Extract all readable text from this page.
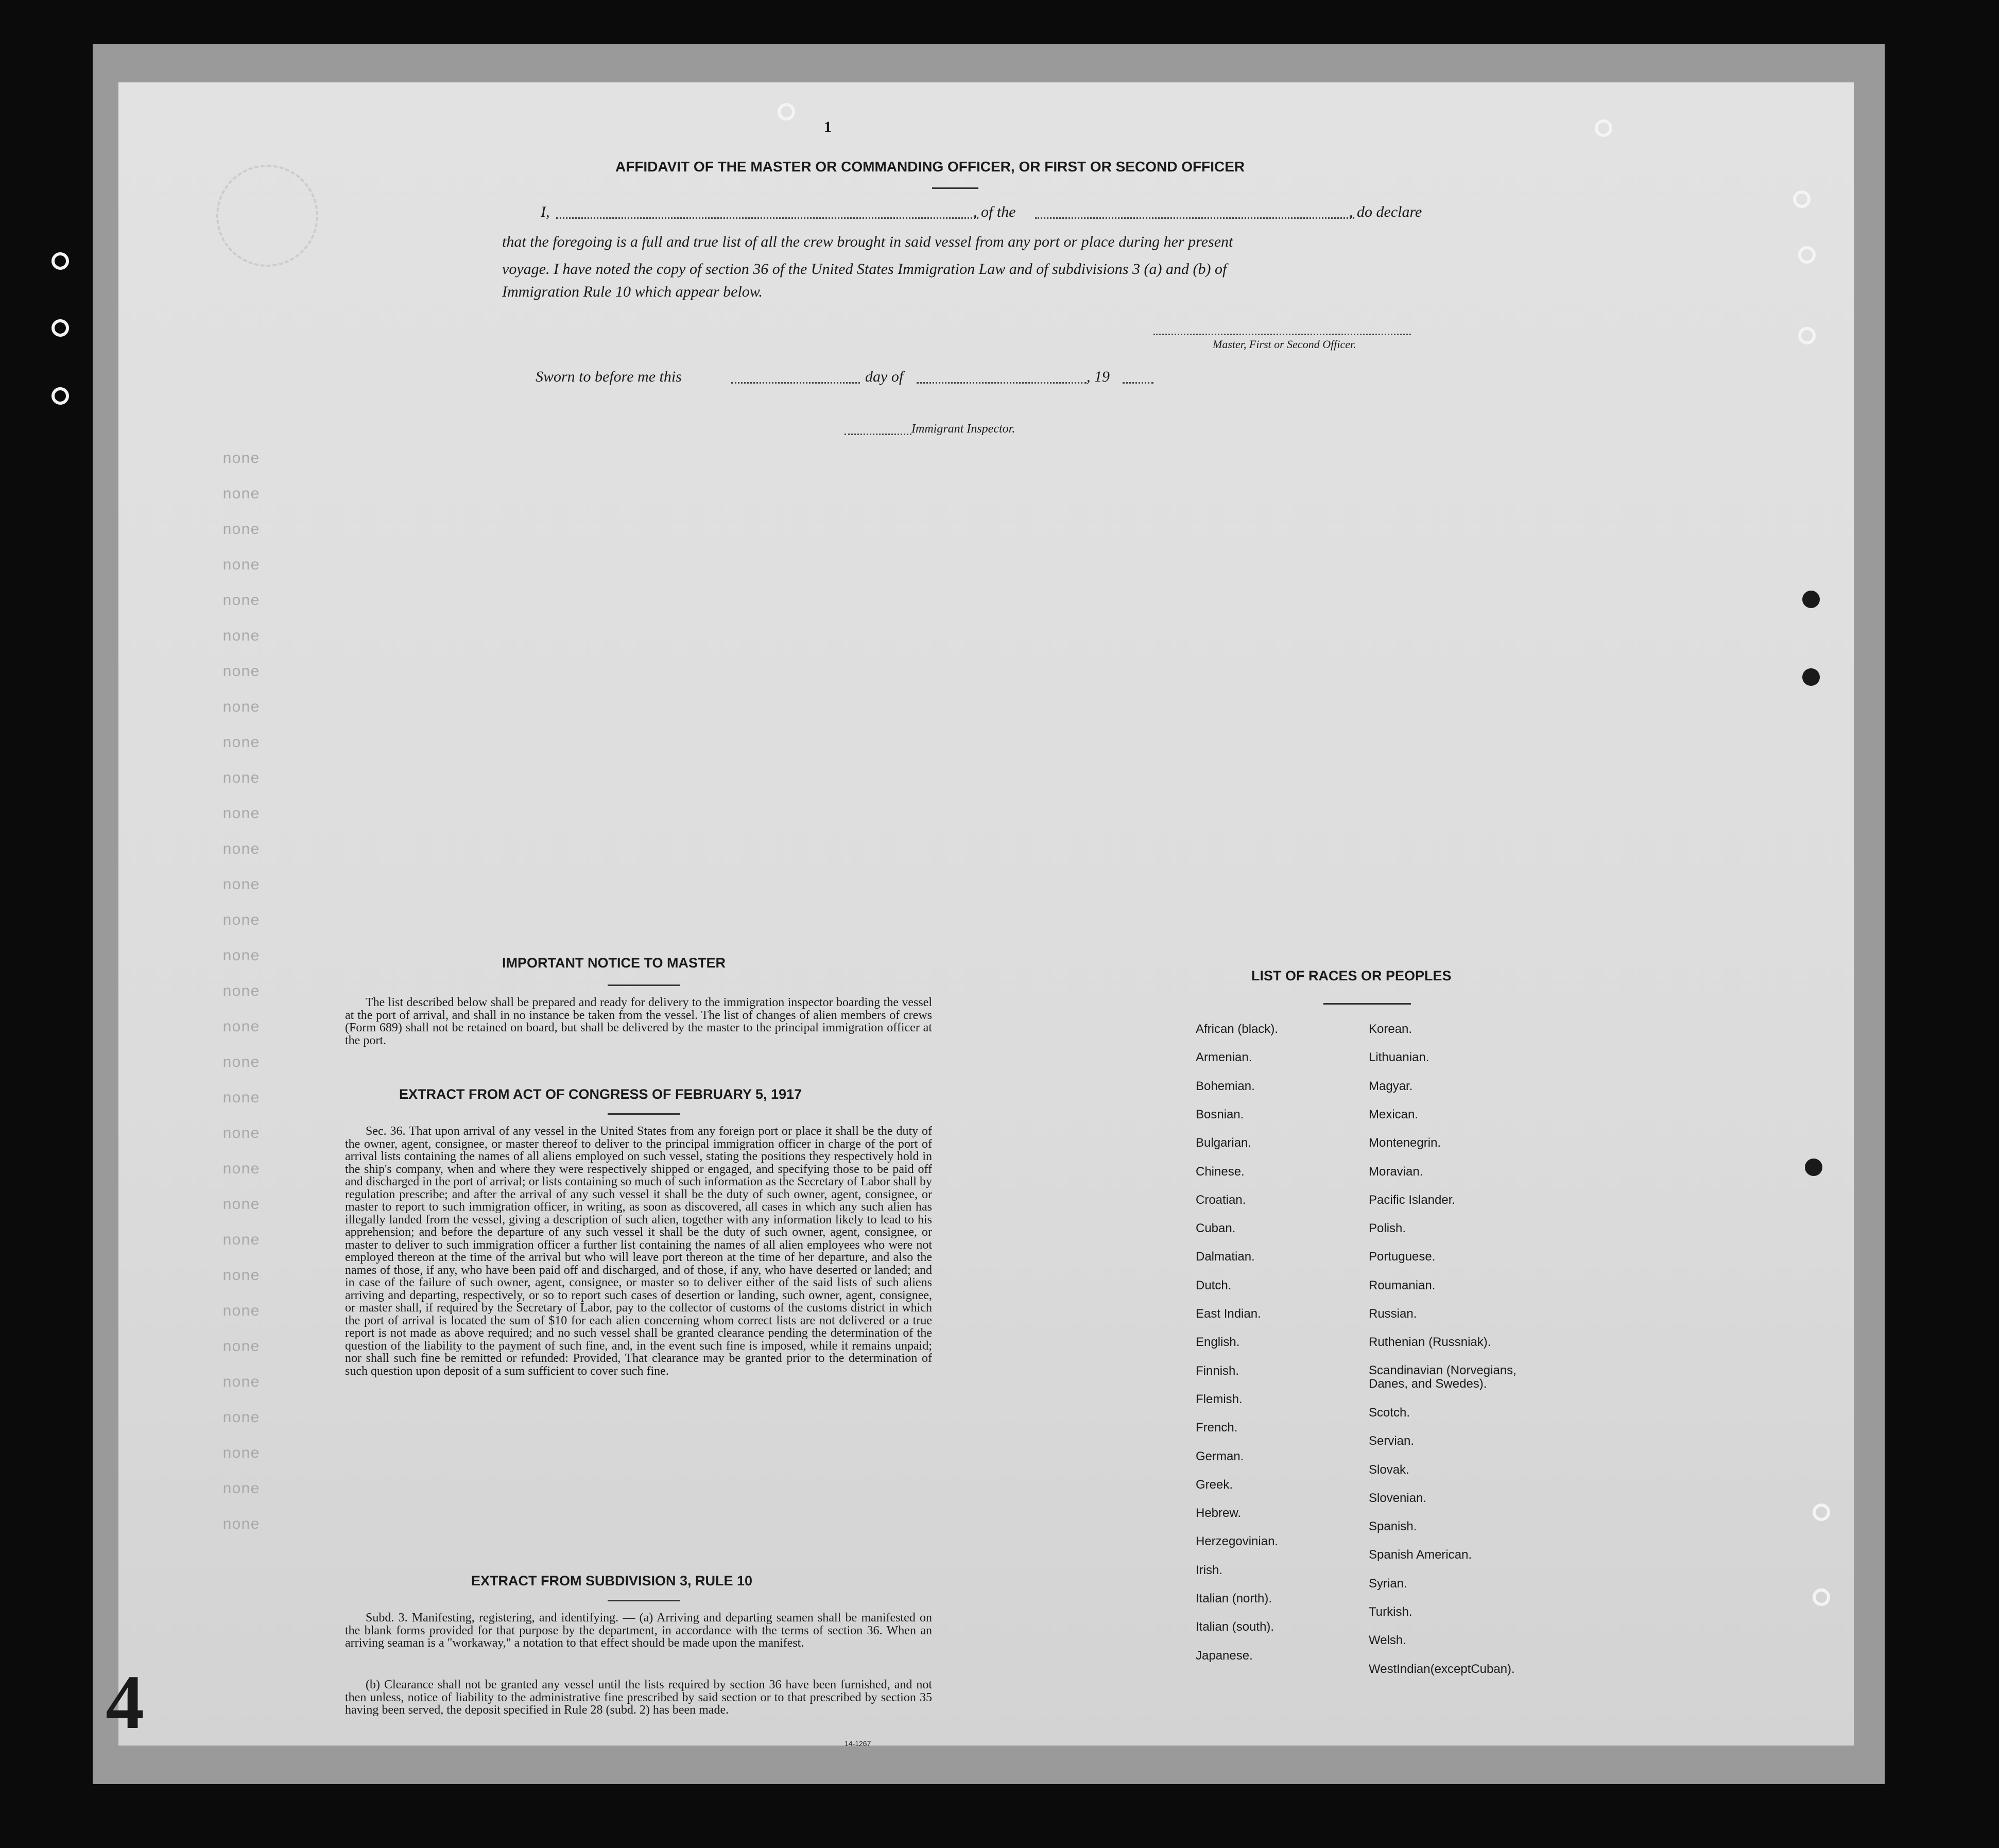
none
none
none
none
none
none
none
none
none
none
none
none
none
none
none
none
none
none
none
none
none
none
none
none
none
none
none
none
none
none
none
4
1
AFFIDAVIT OF THE MASTER OR COMMANDING OFFICER, OR FIRST OR SECOND OFFICER
I,	, of the	, do declare
that the foregoing is a full and true list of all the crew brought in said vessel from any port or place during her present
voyage. I have noted the copy of section 36 of the United States Immigration Law and of subdivisions 3 (a) and (b) of
Immigration Rule 10 which appear below.
Master, First or Second Officer.
Sworn to before me this	day of	, 19
Immigrant Inspector.
IMPORTANT NOTICE TO MASTER
The list described below shall be prepared and ready for delivery to the immigration inspector boarding the vessel at the port of arrival, and shall in no instance be taken from the vessel. The list of changes of alien members of crews (Form 689) shall not be retained on board, but shall be delivered by the master to the principal immigration officer at the port.
EXTRACT FROM ACT OF CONGRESS OF FEBRUARY 5, 1917
Sec. 36. That upon arrival of any vessel in the United States from any foreign port or place it shall be the duty of the owner, agent, consignee, or master thereof to deliver to the principal immigration officer in charge of the port of arrival lists containing the names of all aliens employed on such vessel, stating the positions they respectively hold in the ship's company, when and where they were respectively shipped or engaged, and specifying those to be paid off and discharged in the port of arrival; or lists containing so much of such information as the Secretary of Labor shall by regulation prescribe; and after the arrival of any such vessel it shall be the duty of such owner, agent, consignee, or master to report to such immigration officer, in writing, as soon as discovered, all cases in which any such alien has illegally landed from the vessel, giving a description of such alien, together with any information likely to lead to his apprehension; and before the departure of any such vessel it shall be the duty of such owner, agent, consignee, or master to deliver to such immigration officer a further list containing the names of all alien employees who were not employed thereon at the time of the arrival but who will leave port thereon at the time of her departure, and also the names of those, if any, who have been paid off and discharged, and of those, if any, who have deserted or landed; and in case of the failure of such owner, agent, consignee, or master so to deliver either of the said lists of such aliens arriving and departing, respectively, or so to report such cases of desertion or landing, such owner, agent, consignee, or master shall, if required by the Secretary of Labor, pay to the collector of customs of the customs district in which the port of arrival is located the sum of $10 for each alien concerning whom correct lists are not delivered or a true report is not made as above required; and no such vessel shall be granted clearance pending the determination of the question of the liability to the payment of such fine, and, in the event such fine is imposed, while it remains unpaid; nor shall such fine be remitted or refunded: Provided, That clearance may be granted prior to the determination of such question upon deposit of a sum sufficient to cover such fine.
EXTRACT FROM SUBDIVISION 3, RULE 10
Subd. 3. Manifesting, registering, and identifying. — (a) Arriving and departing seamen shall be manifested on the blank forms provided for that purpose by the department, in accordance with the terms of section 36. When an arriving seaman is a "workaway," a notation to that effect should be made upon the manifest.
(b) Clearance shall not be granted any vessel until the lists required by section 36 have been furnished, and not then unless, notice of liability to the administrative fine prescribed by said section or to that prescribed by section 35 having been served, the deposit specified in Rule 28 (subd. 2) has been made.
14-1267
LIST OF RACES OR PEOPLES
African (black).
Armenian.
Bohemian.
Bosnian.
Bulgarian.
Chinese.
Croatian.
Cuban.
Dalmatian.
Dutch.
East Indian.
English.
Finnish.
Flemish.
French.
German.
Greek.
Hebrew.
Herzegovinian.
Irish.
Italian (north).
Italian (south).
Japanese.
Korean.
Lithuanian.
Magyar.
Mexican.
Montenegrin.
Moravian.
Pacific Islander.
Polish.
Portuguese.
Roumanian.
Russian.
Ruthenian (Russniak).
Scandinavian (Norvegians, Danes, and Swedes).
Scotch.
Servian.
Slovak.
Slovenian.
Spanish.
Spanish American.
Syrian.
Turkish.
Welsh.
WestIndian(exceptCuban).
